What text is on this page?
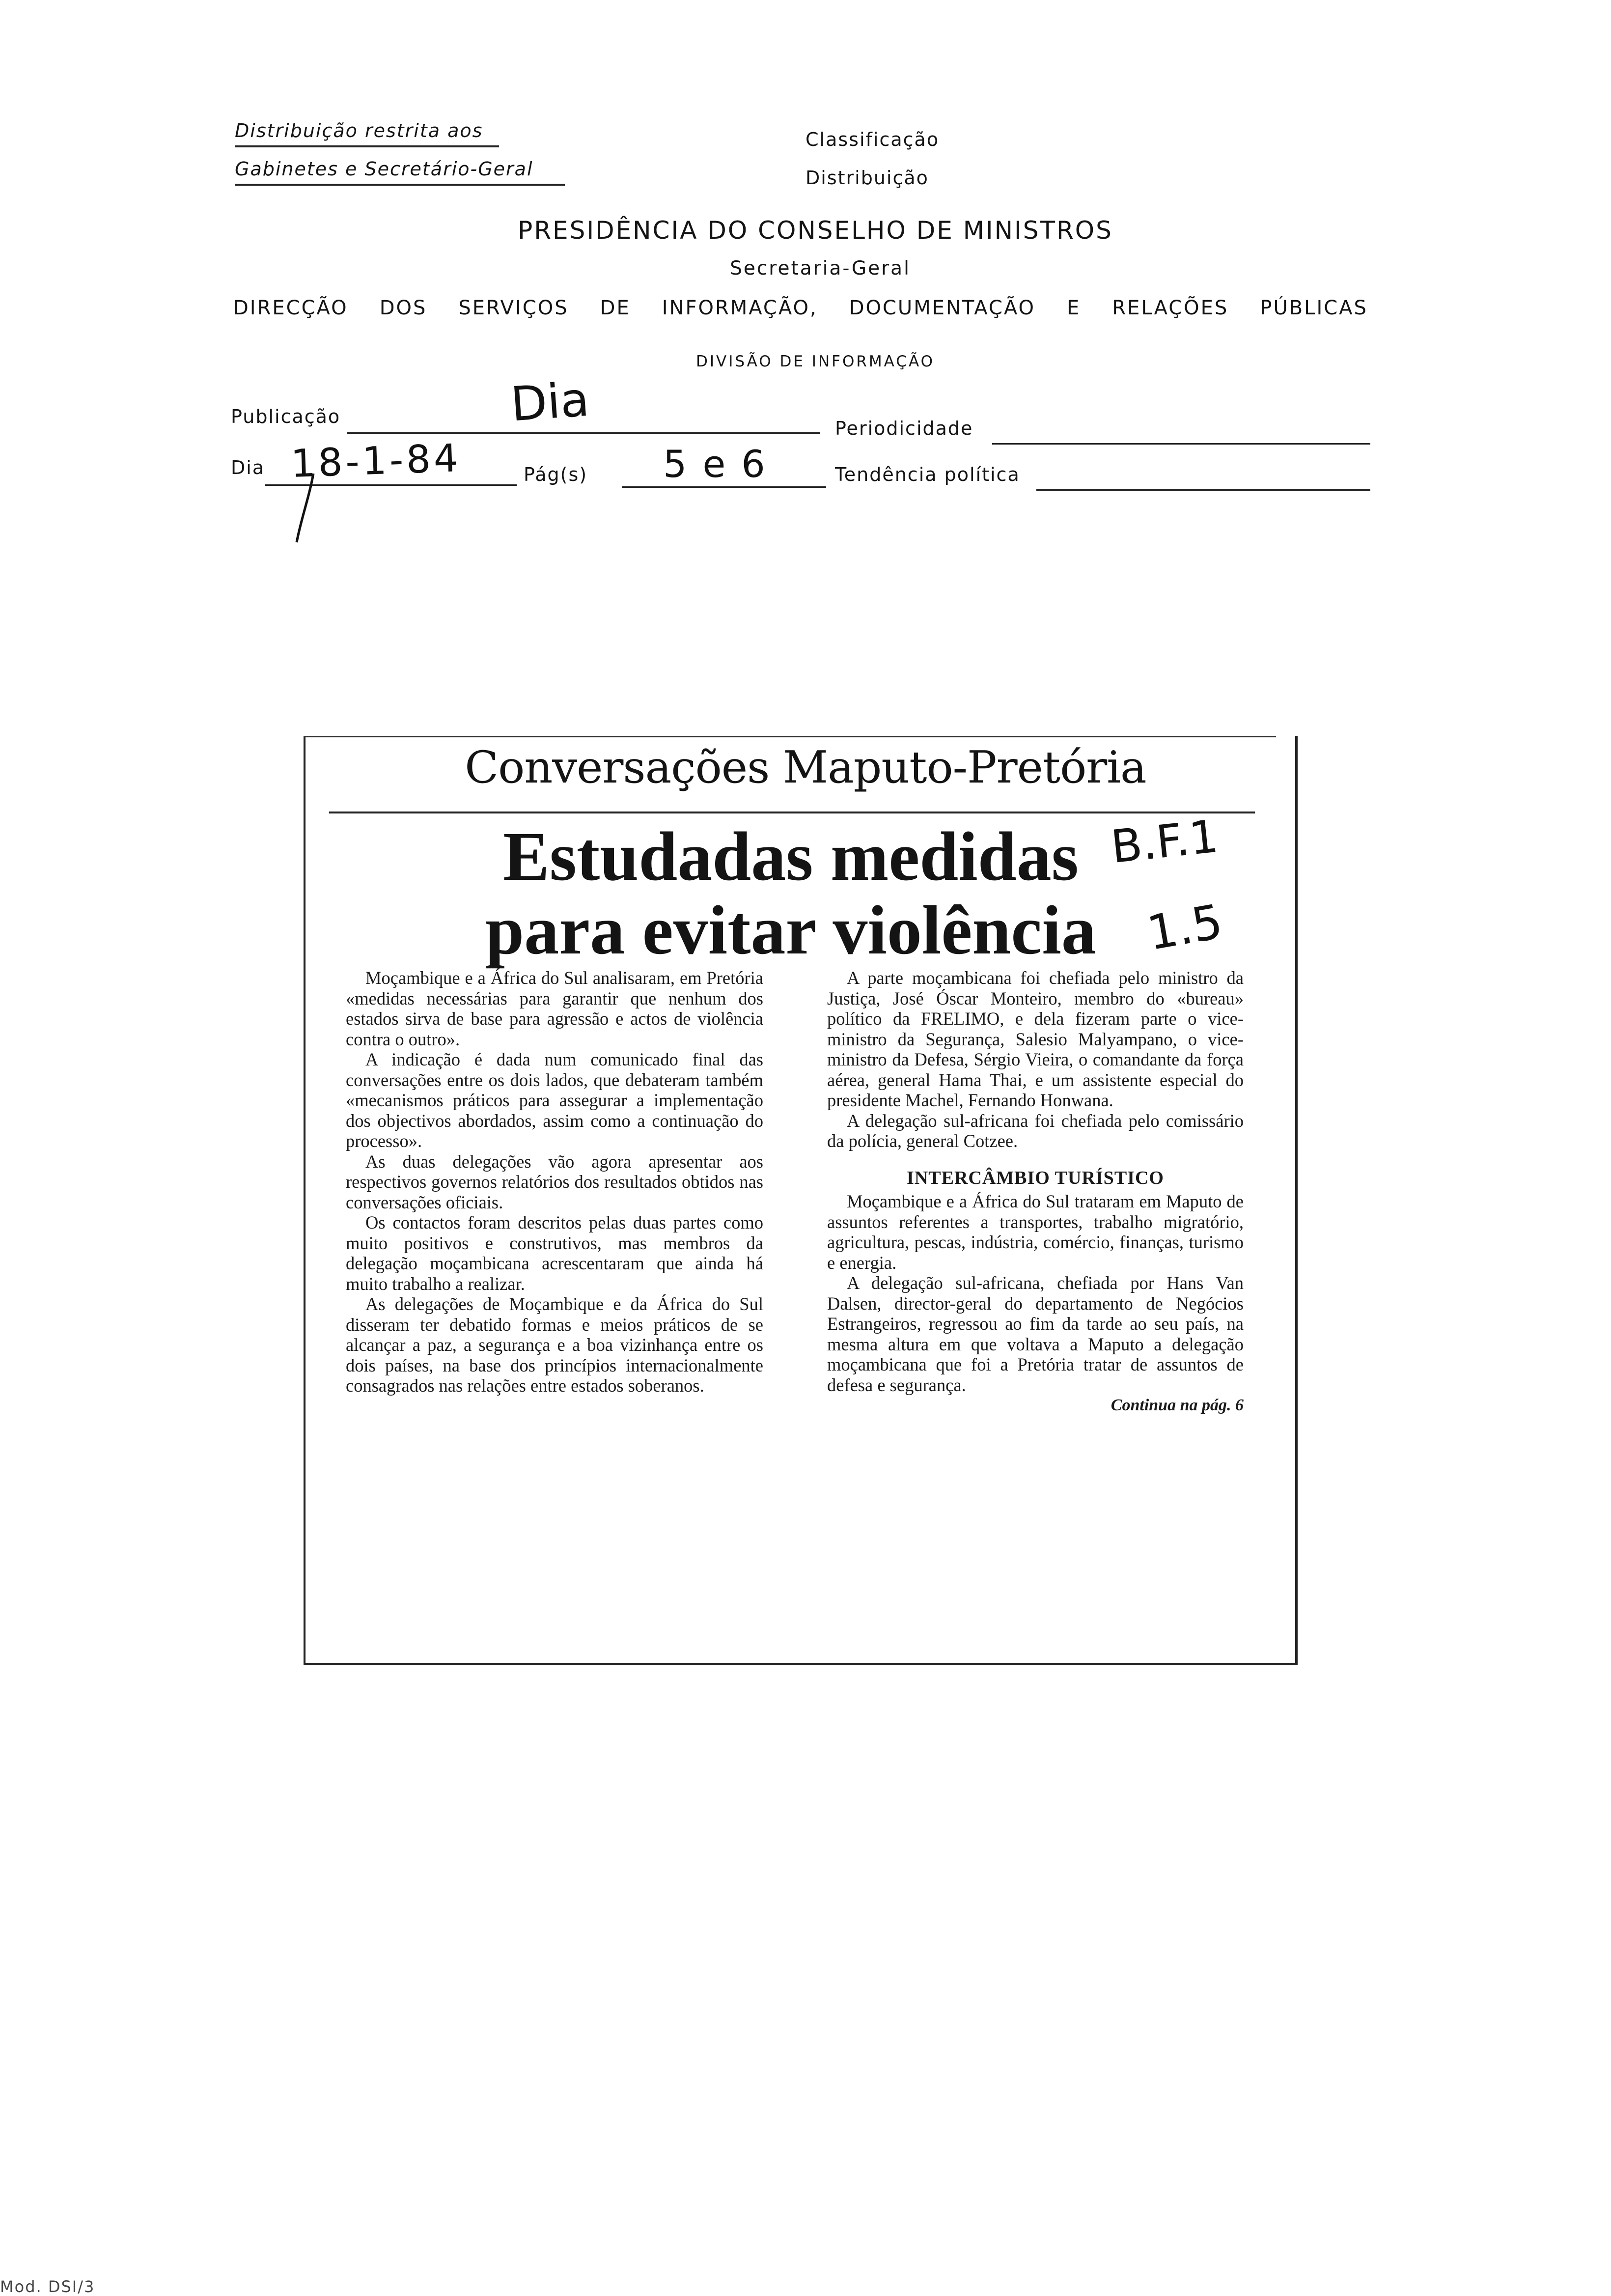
Distribuição restrita aos
Gabinetes e Secretário-Geral
Classificação
Distribuição
PRESIDÊNCIA DO CONSELHO DE MINISTROS
Secretaria-Geral
DIRECÇÃO DOS SERVIÇOS DE INFORMAÇÃO, DOCUMENTAÇÃO E RELAÇÕES PÚBLICAS
DIVISÃO DE INFORMAÇÃO
Publicação	Dia	Periodicidade
Dia 18-1-84	Pág(s) 5 e 6	Tendência política
Conversações Maputo-Pretória
Estudadas medidas
para evitar violência
B.F.1
1.5

Moçambique e a África do Sul analisaram, em Pretória «medidas necessárias para garantir que nenhum dos estados sirva de base para agressão e actos de violência contra o outro».

A indicação é dada num comunicado final das conversações entre os dois lados, que debateram também «mecanismos práticos para assegurar a implementação dos objectivos abordados, assim como a continuação do processo».

As duas delegações vão agora apresentar aos respectivos governos relatórios dos resultados obtidos nas conversações oficiais.

Os contactos foram descritos pelas duas partes como muito positivos e construtivos, mas membros da delegação moçambicana acrescentaram que ainda há muito trabalho a realizar.

As delegações de Moçambique e da África do Sul disseram ter debatido formas e meios práticos de se alcançar a paz, a segurança e a boa vizinhança entre os dois países, na base dos princípios internacionalmente consagrados nas relações entre estados soberanos.

A parte moçambicana foi chefiada pelo ministro da Justiça, José Óscar Monteiro, membro do «bureau» político da FRELIMO, e dela fizeram parte o vice-ministro da Segurança, Salesio Malyampano, o vice-ministro da Defesa, Sérgio Vieira, o comandante da força aérea, general Hama Thai, e um assistente especial do presidente Machel, Fernando Honwana.

A delegação sul-africana foi chefiada pelo comissário da polícia, general Cotzee.

INTERCÂMBIO TURÍSTICO

Moçambique e a África do Sul trataram em Maputo de assuntos referentes a transportes, trabalho migratório, agricultura, pescas, indústria, comércio, finanças, turismo e energia.

A delegação sul-africana, chefiada por Hans Van Dalsen, director-geral do departamento de Negócios Estrangeiros, regressou ao fim da tarde ao seu país, na mesma altura em que voltava a Maputo a delegação moçambicana que foi a Pretória tratar de assuntos de defesa e segurança.

Continua na pág. 6
Mod. DSI/3
